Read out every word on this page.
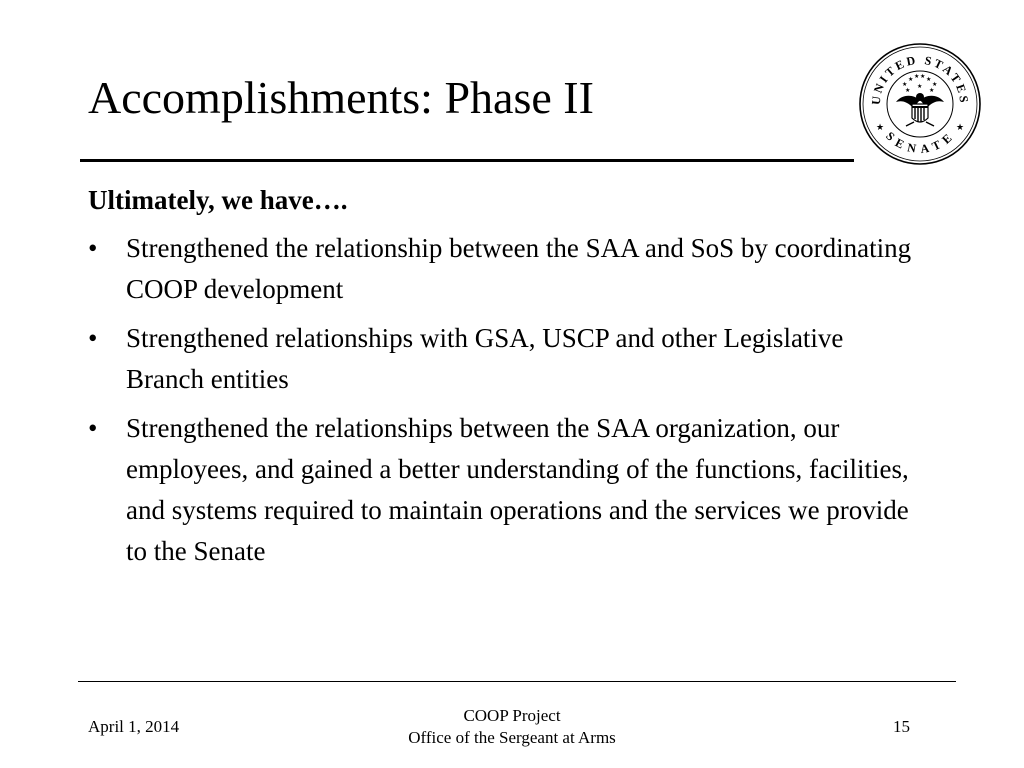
Accomplishments: Phase II	UNITED STATES
SENATE
★	★
★
★ ★ ★ ★
★
★
★
★
Ultimately, we have….
•	Strengthened the relationship between the SAA and SoS by coordinating COOP development
•	Strengthened relationships with GSA, USCP and other Legislative Branch entities
•	Strengthened the relationships between the SAA organization, our employees, and gained a better understanding of the functions, facilities, and systems required to maintain operations and the services we provide to the Senate
April 1, 2014
COOP Project
Office of the Sergeant at Arms
15
